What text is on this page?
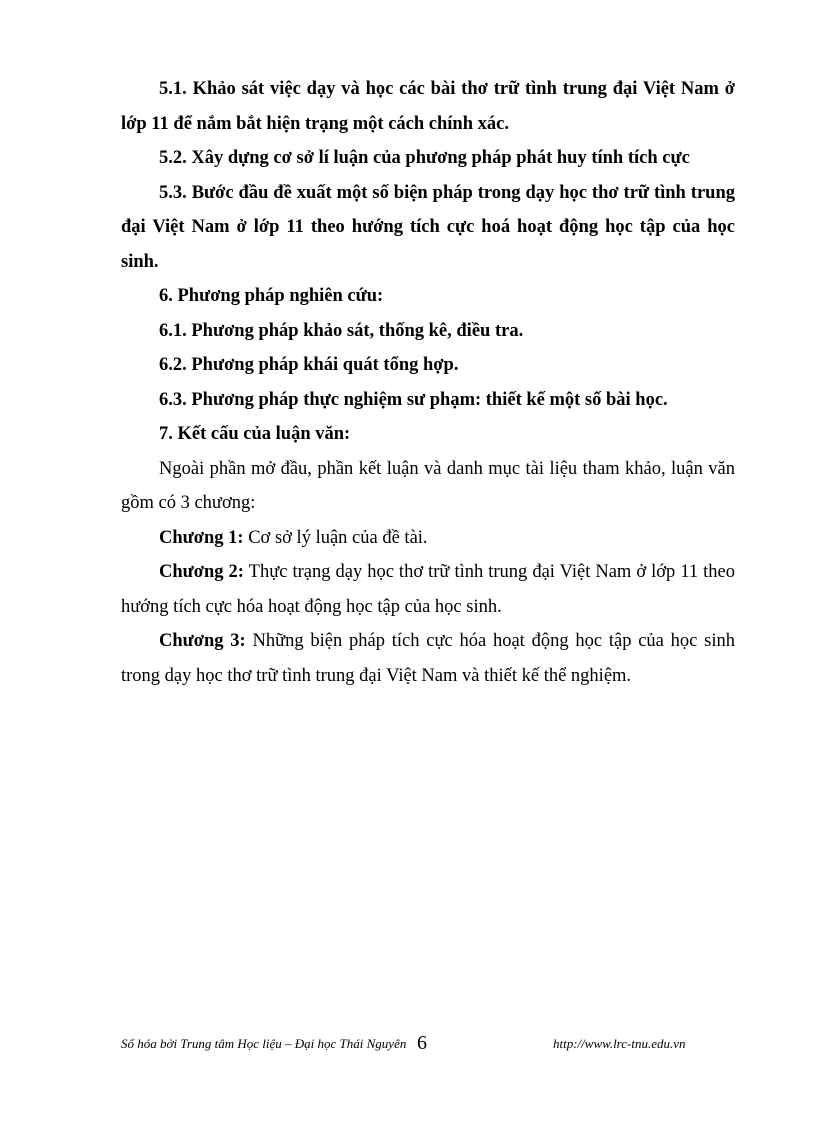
5.1. Khảo sát việc dạy và học các bài thơ trữ tình trung đại Việt Nam ở lớp 11 để nắm bắt hiện trạng một cách chính xác.

5.2. Xây dựng cơ sở lí luận của phương pháp phát huy tính tích cực

5.3. Bước đầu đề xuất một số biện pháp trong dạy học thơ trữ tình trung đại Việt Nam ở lớp 11 theo hướng tích cực hoá hoạt động học tập của học sinh.

6. Phương pháp nghiên cứu:

6.1. Phương pháp khảo sát, thống kê, điều tra.

6.2. Phương pháp khái quát tổng hợp.

6.3. Phương pháp thực nghiệm sư phạm: thiết kế một số bài học.

7. Kết cấu của luận văn:

Ngoài phần mở đầu, phần kết luận và danh mục tài liệu tham khảo, luận văn gồm có 3 chương:

Chương 1: Cơ sở lý luận của đề tài.

Chương 2: Thực trạng dạy học thơ trữ tình trung đại Việt Nam ở lớp 11 theo hướng tích cực hóa hoạt động học tập của học sinh.

Chương 3: Những biện pháp tích cực hóa hoạt động học tập của học sinh trong dạy học thơ trữ tình trung đại Việt Nam và thiết kế thể nghiệm.

Số hóa bởi Trung tâm Học liệu – Đại học Thái Nguyên 6	http://www.lrc-tnu.edu.vn
